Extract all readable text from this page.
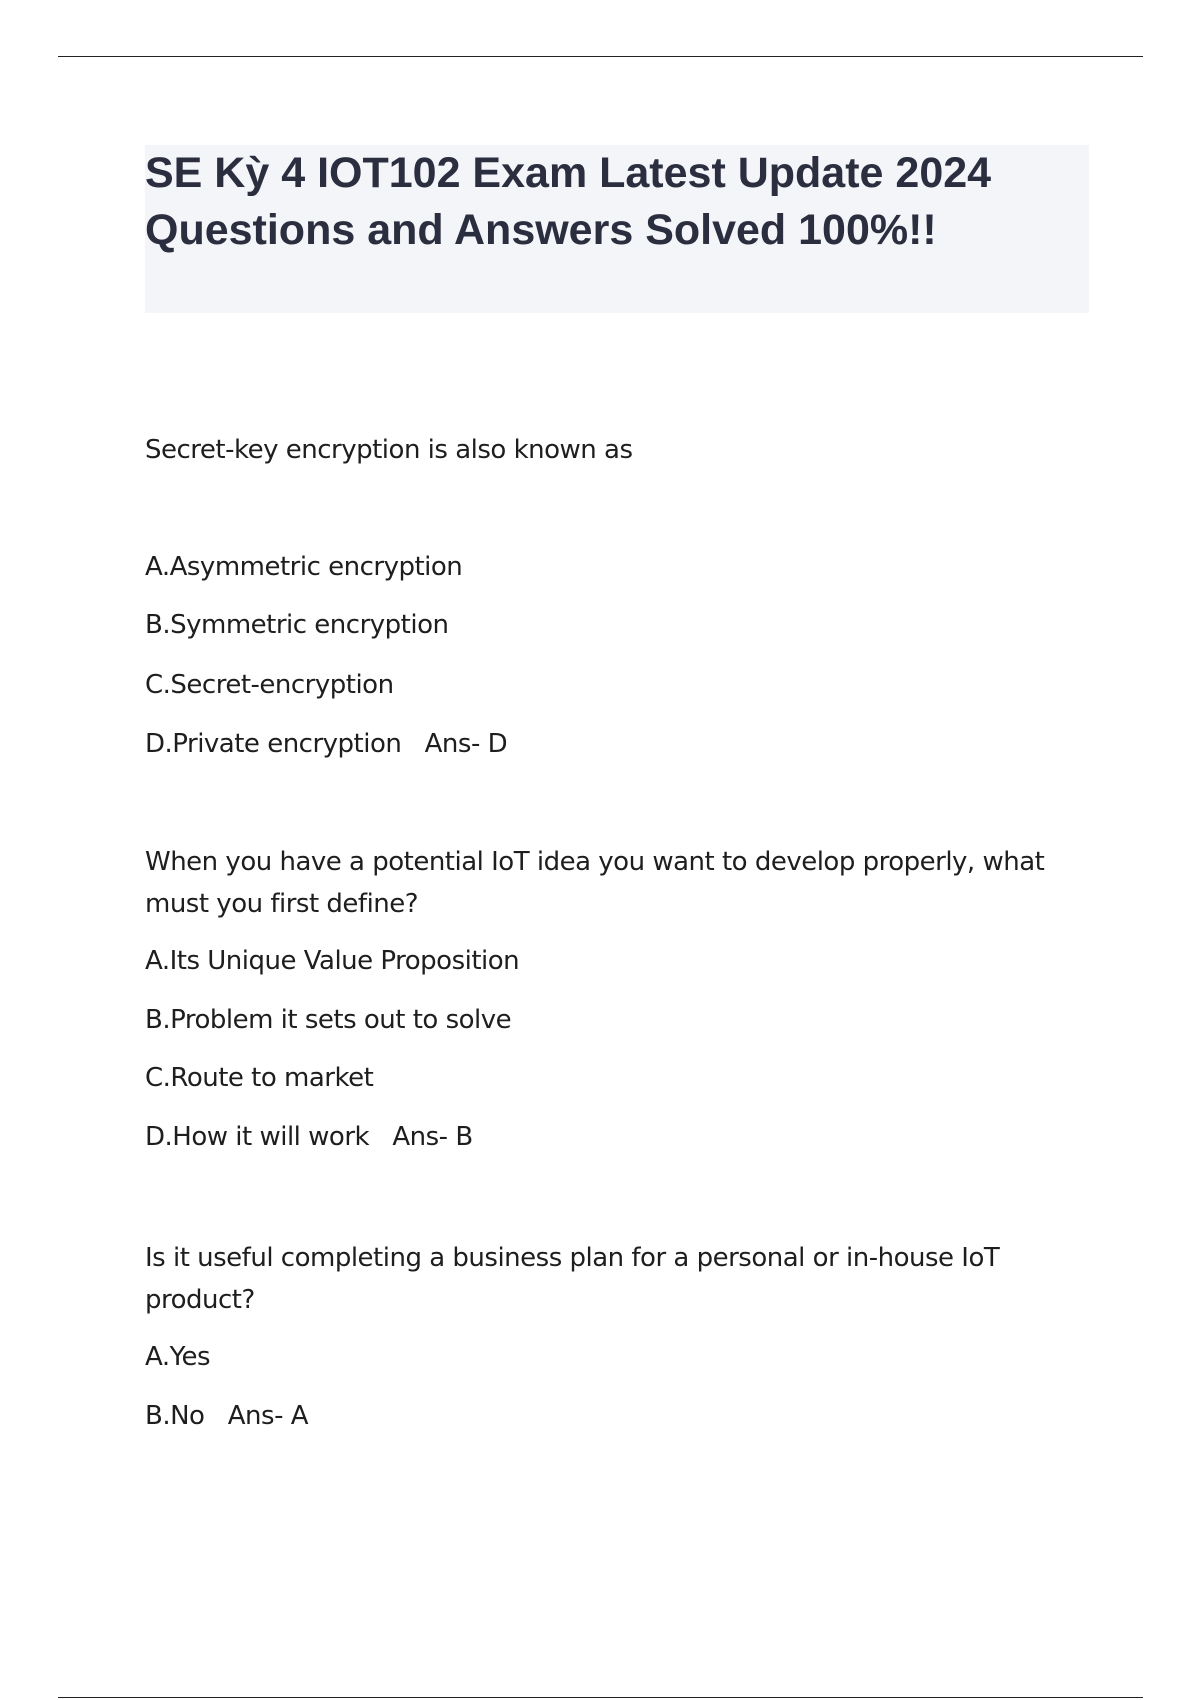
SE Kỳ 4 IOT102 Exam Latest Update 2024 Questions and Answers Solved 100%!!
Secret-key encryption is also known as
A.Asymmetric encryption
B.Symmetric encryption
C.Secret-encryption
D.Private encryption   Ans- D
When you have a potential IoT idea you want to develop properly, what must you first define?
A.Its Unique Value Proposition
B.Problem it sets out to solve
C.Route to market
D.How it will work   Ans- B
Is it useful completing a business plan for a personal or in-house IoT product?
A.Yes
B.No   Ans- A
